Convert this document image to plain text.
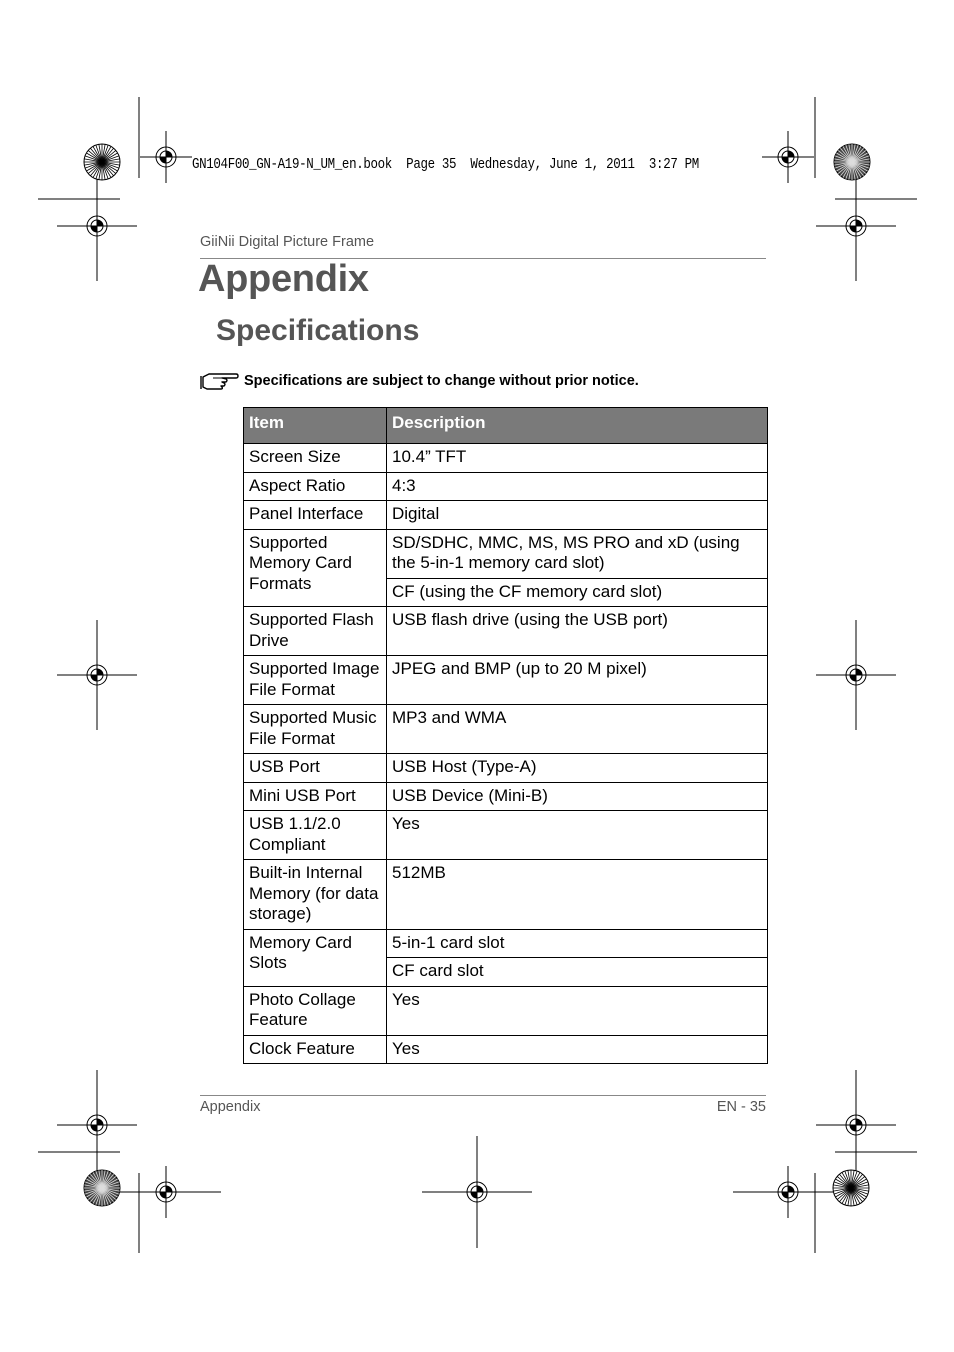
GN104F00_GN-A19-N_UM_en.book  Page 35  Wednesday, June 1, 2011  3:27 PM
GiiNii Digital Picture Frame
Appendix
Specifications
Specifications are subject to change without prior notice.
Item	Description
Screen Size	10.4” TFT
Aspect Ratio	4:3
Panel Interface	Digital
Supported Memory Card Formats	SD/SDHC, MMC, MS, MS PRO and xD (using the 5-in-1 memory card slot)
	CF (using the CF memory card slot)
Supported Flash Drive	USB flash drive (using the USB port)
Supported Image File Format	JPEG and BMP (up to 20 M pixel)
Supported Music File Format	MP3 and WMA
USB Port	USB Host (Type-A)
Mini USB Port	USB Device (Mini-B)
USB 1.1/2.0 Compliant	Yes
Built-in Internal Memory (for data storage)	512MB
Memory Card Slots	5-in-1 card slot
	CF card slot
Photo Collage Feature	Yes
Clock Feature	Yes
Appendix	EN - 35
